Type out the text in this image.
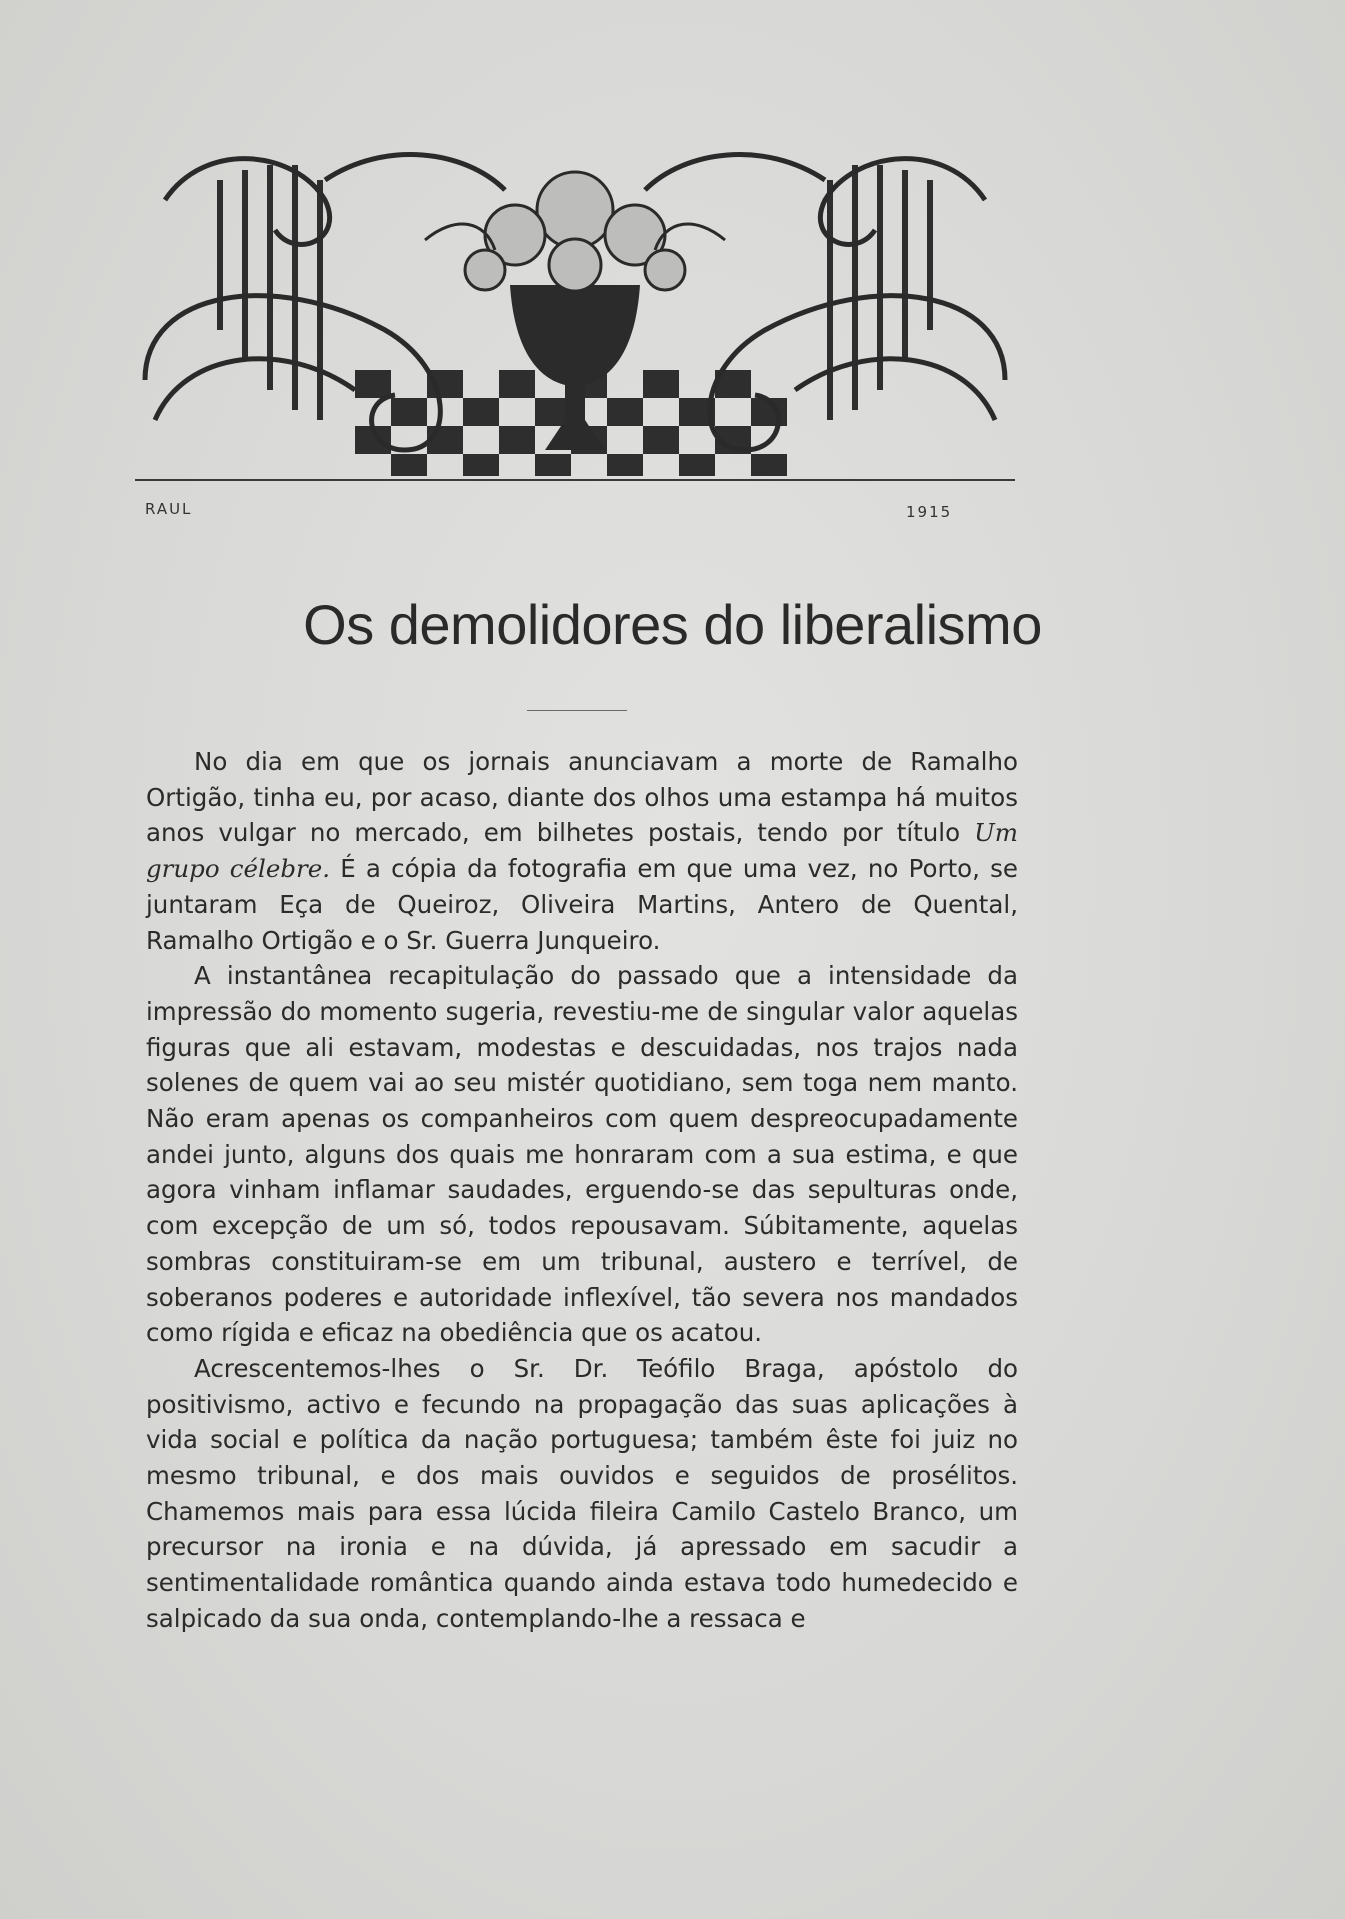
RAUL	1915
Os demolidores do liberalismo

No dia em que os jornais anunciavam a morte de Ramalho Ortigão, tinha eu, por acaso, diante dos olhos uma estampa há muitos anos vulgar no mercado, em bilhetes postais, tendo por título Um grupo célebre. É a cópia da fotografia em que uma vez, no Porto, se juntaram Eça de Queiroz, Oliveira Martins, Antero de Quental, Ramalho Ortigão e o Sr. Guerra Junqueiro.

A instantânea recapitulação do passado que a intensidade da impressão do momento sugeria, revestiu-me de singular valor aquelas figuras que ali estavam, modestas e descuidadas, nos trajos nada solenes de quem vai ao seu mistér quotidiano, sem toga nem manto. Não eram apenas os companheiros com quem despreocupadamente andei junto, alguns dos quais me honraram com a sua estima, e que agora vinham inflamar saudades, erguendo-se das sepulturas onde, com excepção de um só, todos repousavam. Súbitamente, aquelas sombras constituiram-se em um tribunal, austero e terrível, de soberanos poderes e autoridade inflexível, tão severa nos mandados como rígida e eficaz na obediência que os acatou.

Acrescentemos-lhes o Sr. Dr. Teófilo Braga, apóstolo do positivismo, activo e fecundo na propagação das suas aplicações à vida social e política da nação portuguesa; também êste foi juiz no mesmo tribunal, e dos mais ouvidos e seguidos de prosélitos. Chamemos mais para essa lúcida fileira Camilo Castelo Branco, um precursor na ironia e na dúvida, já apressado em sacudir a sentimentalidade romântica quando ainda estava todo humedecido e salpicado da sua onda, contemplando-lhe a ressaca e
